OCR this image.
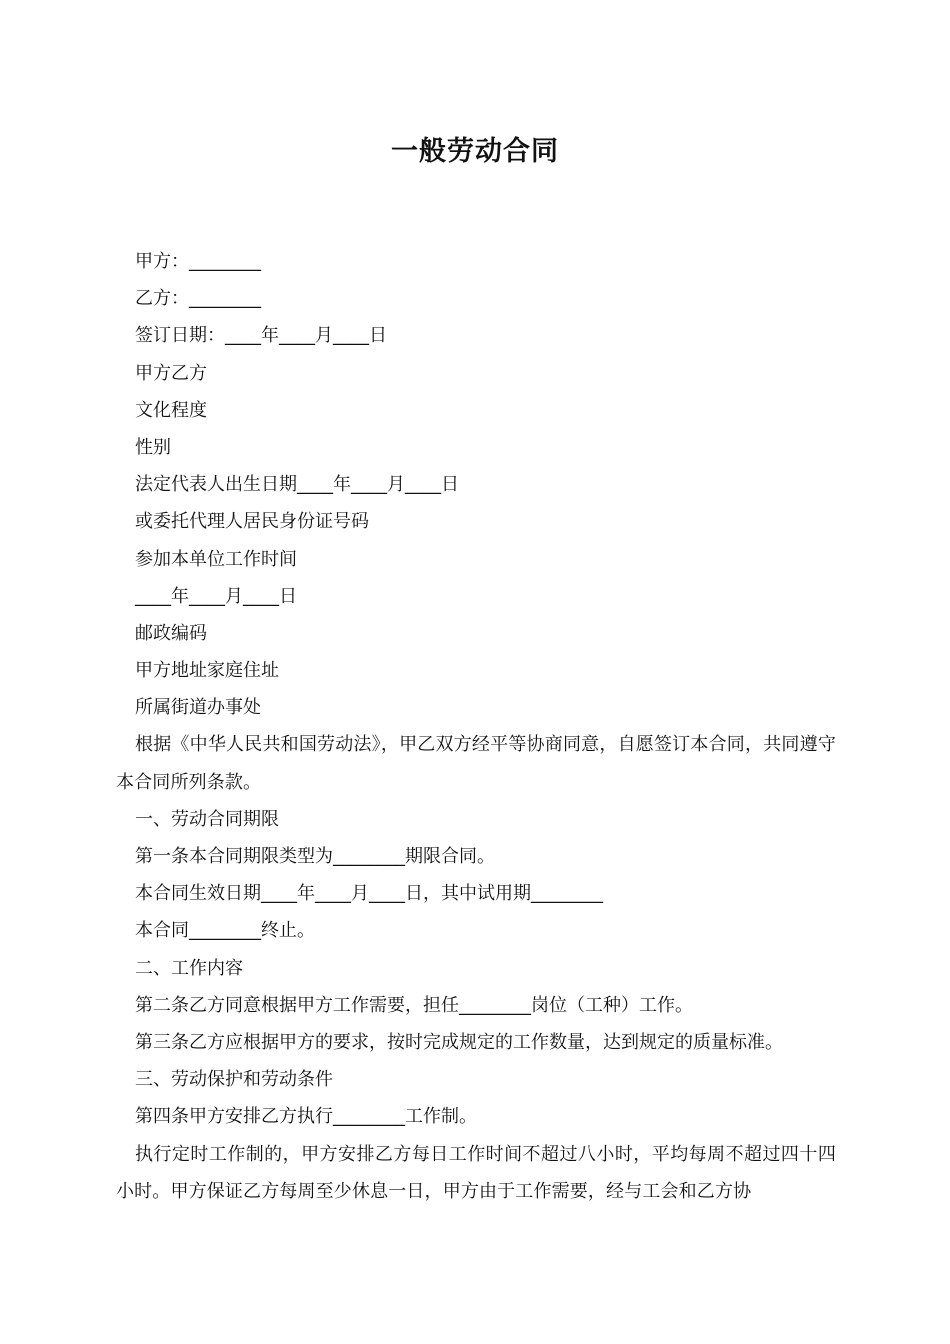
一般劳动合同

甲方：________

乙方：________

签订日期：____年____月____日

甲方乙方

文化程度

性别

法定代表人出生日期____年____月____日

或委托代理人居民身份证号码

参加本单位工作时间

____年____月____日

邮政编码

甲方地址家庭住址

所属街道办事处

根据《中华人民共和国劳动法》，甲乙双方经平等协商同意，自愿签订本合同，共同遵守本合同所列条款。

一、劳动合同期限

第一条本合同期限类型为________期限合同。

本合同生效日期____年____月____日，其中试用期________

本合同________终止。

二、工作内容

第二条乙方同意根据甲方工作需要，担任________岗位（工种）工作。

第三条乙方应根据甲方的要求，按时完成规定的工作数量，达到规定的质量标准。

三、劳动保护和劳动条件

第四条甲方安排乙方执行________工作制。

执行定时工作制的，甲方安排乙方每日工作时间不超过八小时，平均每周不超过四十四小时。甲方保证乙方每周至少休息一日，甲方由于工作需要，经与工会和乙方协
